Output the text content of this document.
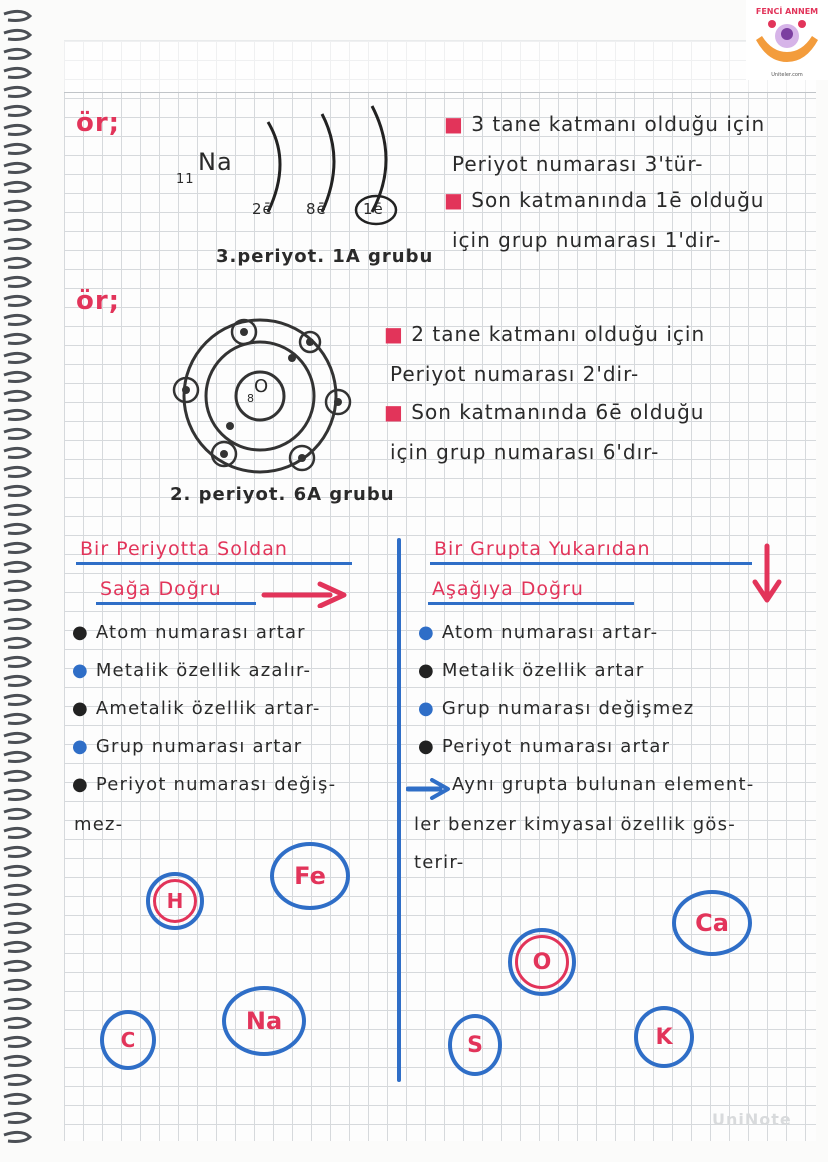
FENCİ ANNEM
Uniteler.com
ör;
11
Na
2ē 8ē 1ē
3.periyot. 1A grubu
■ 3 tane katmanı olduğu için
Periyot numarası 3'tür-
■ Son katmanında 1ē olduğu
için grup numarası 1'dir-
ör;
8
O
2. periyot. 6A grubu
■ 2 tane katmanı olduğu için
Periyot numarası 2'dir-
■ Son katmanında 6ē olduğu
için grup numarası 6'dır-
Bir Periyotta Soldan
Sağa Doğru
● Atom numarası artar
● Metalik özellik azalır-
● Ametalik özellik artar-
● Grup numarası artar
● Periyot numarası değiş-
mez-
H
Fe
C
Na
Bir Grupta Yukarıdan
Aşağıya Doğru
● Atom numarası artar-
● Metalik özellik artar
● Grup numarası değişmez
● Periyot numarası artar
Aynı grupta bulunan element-
ler benzer kimyasal özellik gös-
terir-
Ca
O
S	K
UniNote
